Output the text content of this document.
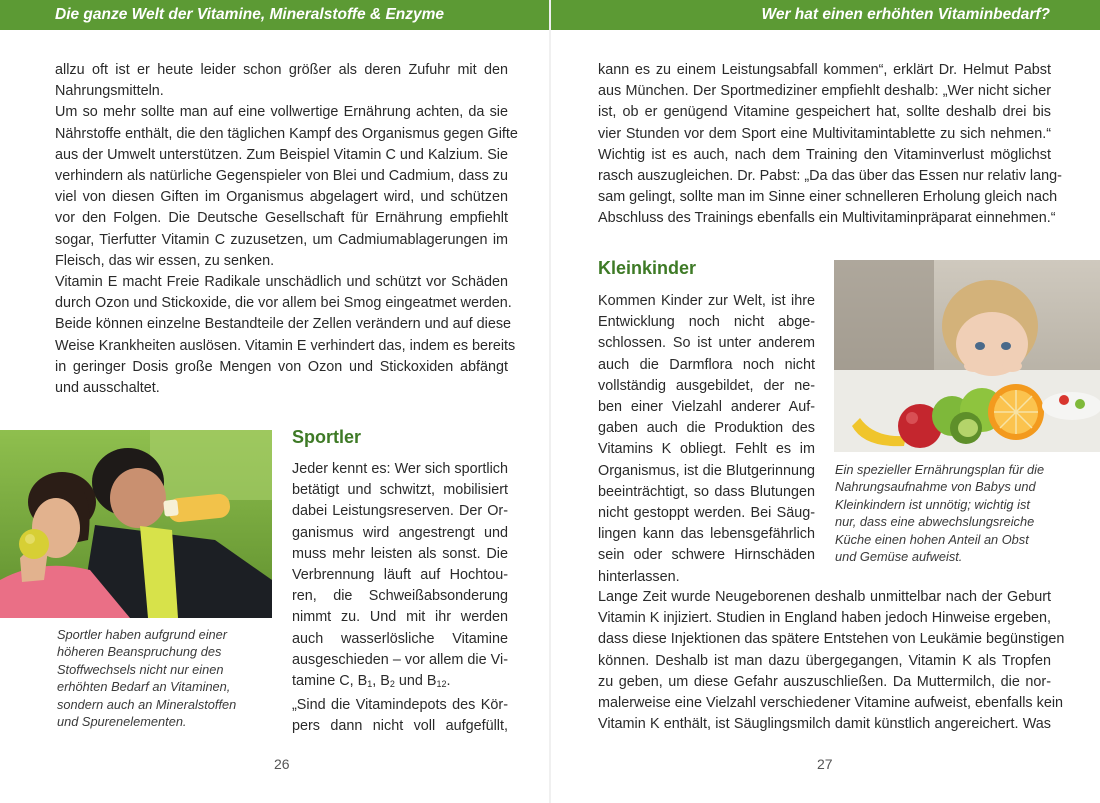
Die ganze Welt der Vitamine, Mineralstoffe & Enzyme
allzu oft ist er heute leider schon größer als deren Zufuhr mit den
Nahrungsmitteln.
Um so mehr sollte man auf eine vollwertige Ernährung achten, da sie
Nährstoffe enthält, die den täglichen Kampf des Organismus gegen Gifte
aus der Umwelt unterstützen. Zum Beispiel Vitamin C und Kalzium. Sie
verhindern als natürliche Gegenspieler von Blei und Cadmium, dass zu
viel von diesen Giften im Organismus abgelagert wird, und schützen
vor den Folgen. Die Deutsche Gesellschaft für Ernährung empfiehlt
sogar, Tierfutter Vitamin C zuzusetzen, um Cadmiumablagerungen im
Fleisch, das wir essen, zu senken.
Vitamin E macht Freie Radikale unschädlich und schützt vor Schäden
durch Ozon und Stickoxide, die vor allem bei Smog eingeatmet werden.
Beide können einzelne Bestandteile der Zellen verändern und auf diese
Weise Krankheiten auslösen. Vitamin E verhindert das, indem es bereits
in geringer Dosis große Mengen von Ozon und Stickoxiden abfängt
und ausschaltet.
Sportler haben aufgrund einer
höheren Beanspruchung des
Stoffwechsels nicht nur einen
erhöhten Bedarf an Vitaminen,
sondern auch an Mineralstoffen
und Spurenelementen.
Sportler
Jeder kennt es: Wer sich sportlich
betätigt und schwitzt, mobilisiert
dabei Leistungsreserven. Der Or-
ganismus wird angestrengt und
muss mehr leisten als sonst. Die
Verbrennung läuft auf Hochtou-
ren, die Schweißabsonderung
nimmt zu. Und mit ihr werden
auch wasserlösliche Vitamine
ausgeschieden – vor allem die Vi-
tamine C, $B_1$, $B_2$ und $B_{12}$.
„Sind die Vitamindepots des Kör-
pers dann nicht voll aufgefüllt,
26
Wer hat einen erhöhten Vitaminbedarf?
kann es zu einem Leistungsabfall kommen“, erklärt Dr. Helmut Pabst
aus München. Der Sportmediziner empfiehlt deshalb: „Wer nicht sicher
ist, ob er genügend Vitamine gespeichert hat, sollte deshalb drei bis
vier Stunden vor dem Sport eine Multivitamintablette zu sich nehmen.“
Wichtig ist es auch, nach dem Training den Vitaminverlust möglichst
rasch auszugleichen. Dr. Pabst: „Da das über das Essen nur relativ lang-
sam gelingt, sollte man im Sinne einer schnelleren Erholung gleich nach
Abschluss des Trainings ebenfalls ein Multivitaminpräparat einnehmen.“
Kleinkinder
Kommen Kinder zur Welt, ist ihre
Entwicklung noch nicht abge-
schlossen. So ist unter anderem
auch die Darmflora noch nicht
vollständig ausgebildet, der ne-
ben einer Vielzahl anderer Auf-
gaben auch die Produktion des
Vitamins K obliegt. Fehlt es im
Organismus, ist die Blutgerinnung
beeinträchtigt, so dass Blutungen
nicht gestoppt werden. Bei Säug-
lingen kann das lebensgefährlich
sein oder schwere Hirnschäden
hinterlassen.
Ein spezieller Ernährungsplan für die
Nahrungsaufnahme von Babys und
Kleinkindern ist unnötig; wichtig ist
nur, dass eine abwechslungsreiche
Küche einen hohen Anteil an Obst
und Gemüse aufweist.
Lange Zeit wurde Neugeborenen deshalb unmittelbar nach der Geburt
Vitamin K injiziert. Studien in England haben jedoch Hinweise ergeben,
dass diese Injektionen das spätere Entstehen von Leukämie begünstigen
können. Deshalb ist man dazu übergegangen, Vitamin K als Tropfen
zu geben, um diese Gefahr auszuschließen. Da Muttermilch, die nor-
malerweise eine Vielzahl verschiedener Vitamine aufweist, ebenfalls kein
Vitamin K enthält, ist Säuglingsmilch damit künstlich angereichert. Was
27
